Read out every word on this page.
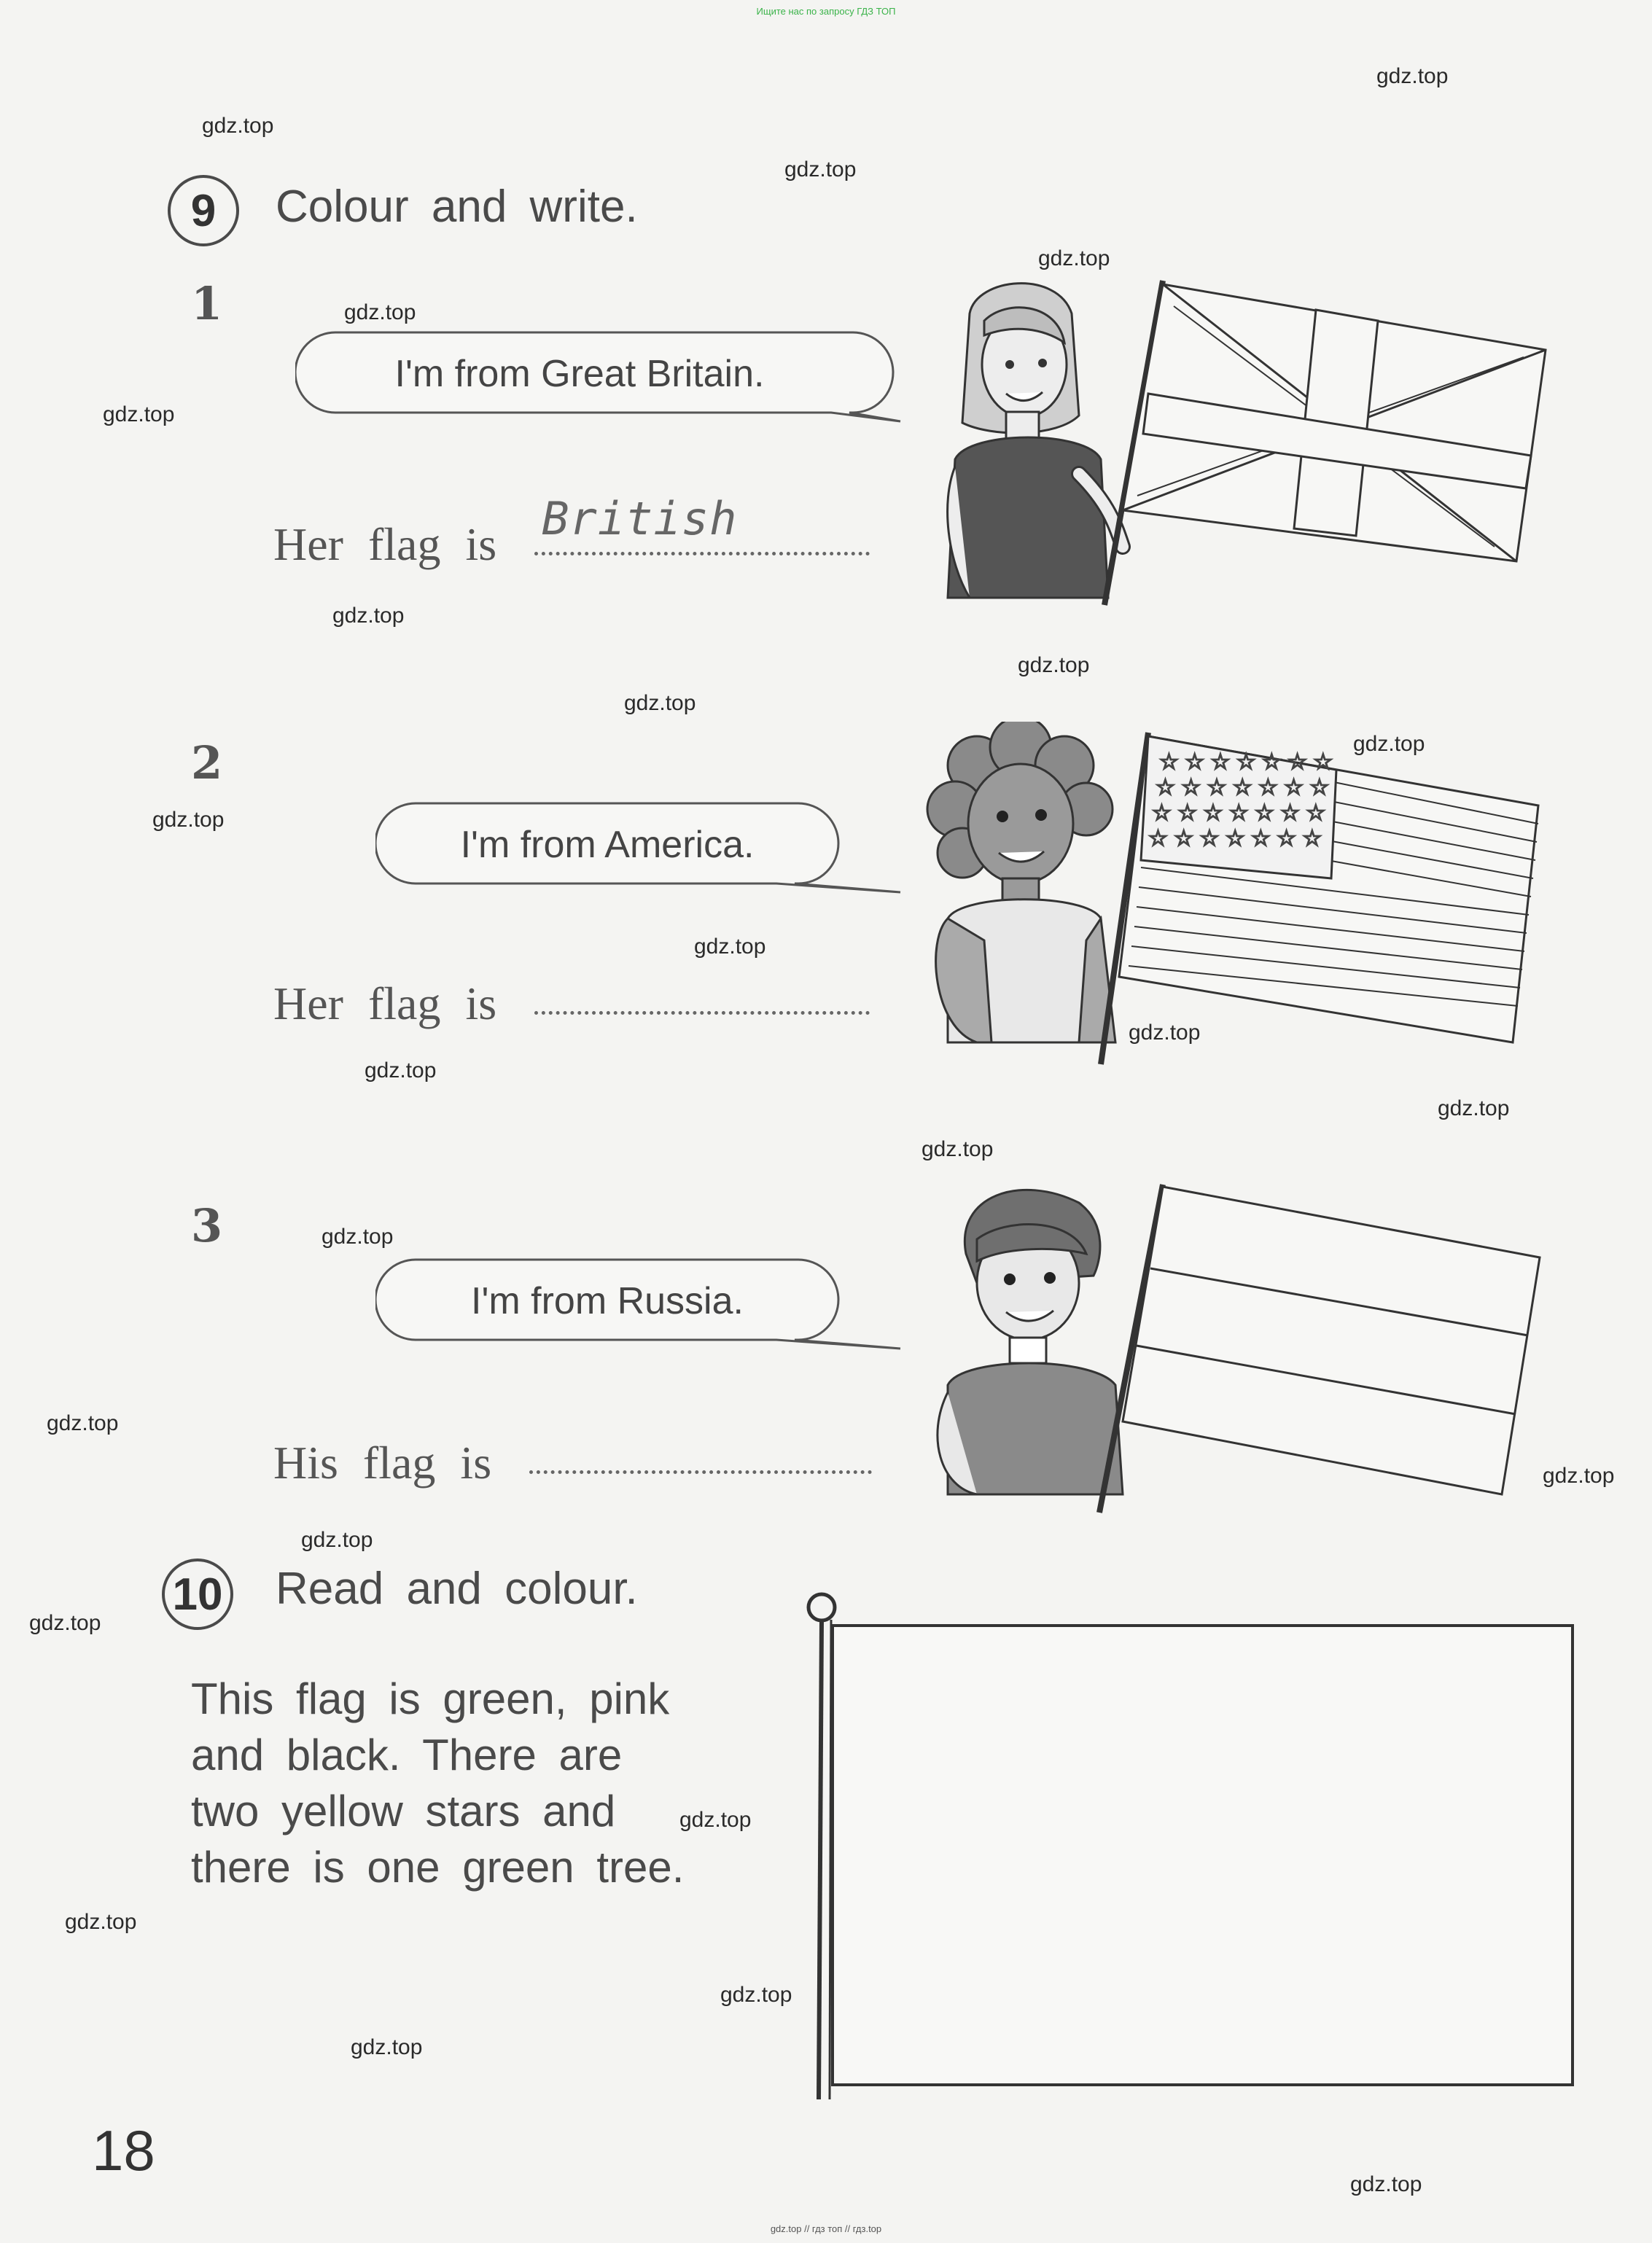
Ищите нас по запросу ГДЗ ТОП
gdz.top // гдз топ // гдз.top
gdz.top
gdz.top
gdz.top
gdz.top
gdz.top
gdz.top
gdz.top
gdz.top
gdz.top
gdz.top
gdz.top
gdz.top
gdz.top
gdz.top
gdz.top
gdz.top
gdz.top
gdz.top
gdz.top
gdz.top
gdz.top
gdz.top
gdz.top
gdz.top
gdz.top
gdz.top
9	Colour and write.
1
I'm from Great Britain.
Her flag is British
2
I'm from America.
Her flag is
☆ ☆ ☆ ☆ ☆ ☆ ☆
☆ ☆ ☆ ☆ ☆ ☆ ☆
☆ ☆ ☆ ☆ ☆ ☆ ☆
☆ ☆ ☆ ☆ ☆ ☆ ☆
3
I'm from Russia.
His flag is
10 Read and colour.
This flag is green, pink
and black. There are
two yellow stars and
there is one green tree.
18
